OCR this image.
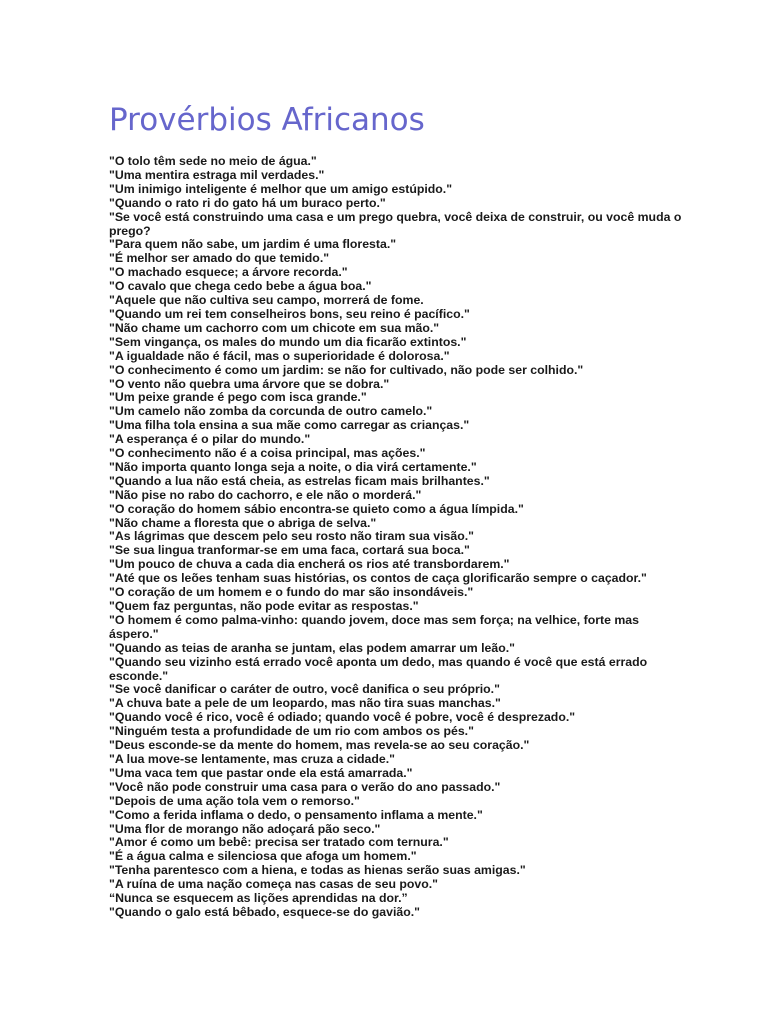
Provérbios Africanos
"O tolo têm sede no meio de água."
"Uma mentira estraga mil verdades."
"Um inimigo inteligente é melhor que um amigo estúpido."
"Quando o rato ri do gato há um buraco perto."
"Se você está construindo uma casa e um prego quebra, você deixa de construir, ou você muda o prego?
"Para quem não sabe, um jardim é uma floresta."
"É melhor ser amado do que temido."
"O machado esquece; a árvore recorda."
"O cavalo que chega cedo bebe a água boa."
"Aquele que não cultiva seu campo, morrerá de fome.
"Quando um rei tem conselheiros bons, seu reino é pacífico."
"Não chame um cachorro com um chicote em sua mão."
"Sem vingança, os males do mundo um dia ficarão extintos."
"A igualdade não é fácil, mas o superioridade é dolorosa."
"O conhecimento é como um jardim: se não for cultivado, não pode ser colhido."
"O vento não quebra uma árvore que se dobra."
"Um peixe grande é pego com isca grande."
"Um camelo não zomba da corcunda de outro camelo."
"Uma filha tola ensina a sua mãe como carregar as crianças."
"A esperança é o pilar do mundo."
"O conhecimento não é a coisa principal, mas ações."
"Não importa quanto longa seja a noite, o dia virá certamente."
"Quando a lua não está cheia, as estrelas ficam mais brilhantes."
"Não pise no rabo do cachorro, e ele não o morderá."
"O coração do homem sábio encontra-se quieto como a água límpida."
"Não chame a floresta que o abriga de selva."
"As lágrimas que descem pelo seu rosto não tiram sua visão."
"Se sua lingua tranformar-se em uma faca, cortará sua boca."
"Um pouco de chuva a cada dia encherá os rios até transbordarem."
"Até que os leões tenham suas histórias, os contos de caça glorificarão sempre o caçador."
"O coração de um homem e o fundo do mar são insondáveis."
"Quem faz perguntas, não pode evitar as respostas."
"O homem é como palma-vinho: quando jovem, doce mas sem força; na velhice, forte mas áspero."
"Quando as teias de aranha se juntam, elas podem amarrar um leão."
"Quando seu vizinho está errado você aponta um dedo, mas quando é você que está errado esconde."
"Se você danificar o caráter de outro, você danifica o seu próprio."
"A chuva bate a pele de um leopardo, mas não tira suas manchas."
"Quando você é rico, você é odiado; quando você é pobre, você é desprezado."
"Ninguém testa a profundidade de um rio com ambos os pés."
"Deus esconde-se da mente do homem, mas revela-se ao seu coração."
"A lua move-se lentamente, mas cruza a cidade."
"Uma vaca tem que pastar onde ela está amarrada."
"Você não pode construir uma casa para o verão do ano passado."
"Depois de uma ação tola vem o remorso."
"Como a ferida inflama o dedo, o pensamento inflama a mente."
"Uma flor de morango não adoçará pão seco."
"Amor é como um bebê: precisa ser tratado com ternura."
"É a água calma e silenciosa que afoga um homem."
"Tenha parentesco com a hiena, e todas as hienas serão suas amigas."
"A ruína de uma nação começa nas casas de seu povo."
“Nunca se esquecem as lições aprendidas na dor.”
"Quando o galo está bêbado, esquece-se do gavião."
